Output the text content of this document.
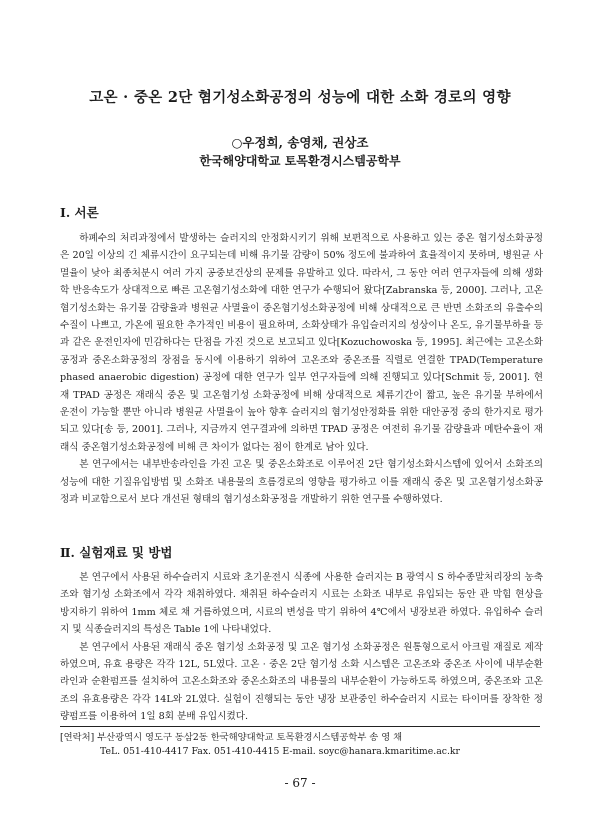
고온 · 중온 2단 혐기성소화공정의 성능에 대한 소화 경로의 영향
○우정희, 송영채, 권상조
한국해양대학교 토목환경시스템공학부
Ⅰ. 서론

하폐수의 처리과정에서 발생하는 슬러지의 안정화시키기 위해 보편적으로 사용하고 있는 중온 혐기성소화공정은 20일 이상의 긴 체류시간이 요구되는데 비해 유기물 감량이 50% 정도에 불과하여 효율적이지 못하며, 병원균 사멸율이 낮아 최종처분시 여러 가지 공중보건상의 문제를 유발하고 있다. 따라서, 그 동안 여러 연구자들에 의해 생화학 반응속도가 상대적으로 빠른 고온혐기성소화에 대한 연구가 수행되어 왔다[Zabranska 등, 2000]. 그러나, 고온혐기성소화는 유기물 감량율과 병원균 사멸율이 중온혐기성소화공정에 비해 상대적으로 큰 반면 소화조의 유출수의 수질이 나쁘고, 가온에 필요한 추가적인 비용이 필요하며, 소화상태가 유입슬러지의 성상이나 온도, 유기물부하율 등과 같은 운전인자에 민감하다는 단점을 가진 것으로 보고되고 있다[Kozuchowoska 등, 1995]. 최근에는 고온소화공정과 중온소화공정의 장점을 동시에 이용하기 위하여 고온조와 중온조를 직렬로 연결한 TPAD(Temperature phased anaerobic digestion) 공정에 대한 연구가 일부 연구자들에 의해 진행되고 있다[Schmit 등, 2001]. 현재 TPAD 공정은 재래식 중온 및 고온혐기성 소화공정에 비해 상대적으로 체류기간이 짧고, 높은 유기물 부하에서 운전이 가능할 뿐만 아니라 병원균 사멸율이 높아 향후 슬러지의 혐기성안정화를 위한 대안공정 중의 한가지로 평가되고 있다[송 등, 2001]. 그러나, 지금까지 연구결과에 의하면 TPAD 공정은 여전히 유기물 감량율과 메탄수율이 재래식 중온혐기성소화공정에 비해 큰 차이가 없다는 점이 한계로 남아 있다.

본 연구에서는 내부반송라인을 가진 고온 및 중온소화조로 이루어진 2단 혐기성소화시스템에 있어서 소화조의 성능에 대한 기질유입방법 및 소화조 내용물의 흐름경로의 영향을 평가하고 이를 재래식 중온 및 고온혐기성소화공정과 비교함으로서 보다 개선된 형태의 혐기성소화공정을 개발하기 위한 연구를 수행하였다.

Ⅱ. 실험재료 및 방법

본 연구에서 사용된 하수슬러지 시료와 초기운전시 식종에 사용한 슬러지는 B 광역시 S 하수종말처리장의 농축조와 혐기성 소화조에서 각각 채취하였다. 채취된 하수슬러지 시료는 소화조 내부로 유입되는 동안 관 막힘 현상을 방지하기 위하여 1mm 체로 채 거름하였으며, 시료의 변성을 막기 위하여 4℃에서 냉장보관 하였다. 유입하수 슬러지 및 식종슬러지의 특성은 Table 1에 나타내었다.

본 연구에서 사용된 재래식 중온 혐기성 소화공정 및 고온 혐기성 소화공정은 원통형으로서 아크릴 재질로 제작하였으며, 유효 용량은 각각 12L, 5L였다. 고온 · 중온 2단 혐기성 소화 시스템은 고온조와 중온조 사이에 내부순환 라인과 순환펌프를 설치하여 고온소화조와 중온소화조의 내용물의 내부순환이 가능하도록 하였으며, 중온조와 고온조의 유효용량은 각각 14L와 2L였다. 실험이 진행되는 동안 냉장 보관중인 하수슬러지 시료는 타이머를 장착한 정량펌프를 이용하여 1일 8회 분배 유입시켰다.

[연락처] 부산광역시 영도구 동삼2동 한국해양대학교 토목환경시스템공학부 송 영 채
TeL. 051-410-4417 Fax. 051-410-4415 E-mail. soyc@hanara.kmaritime.ac.kr
- 67 -
